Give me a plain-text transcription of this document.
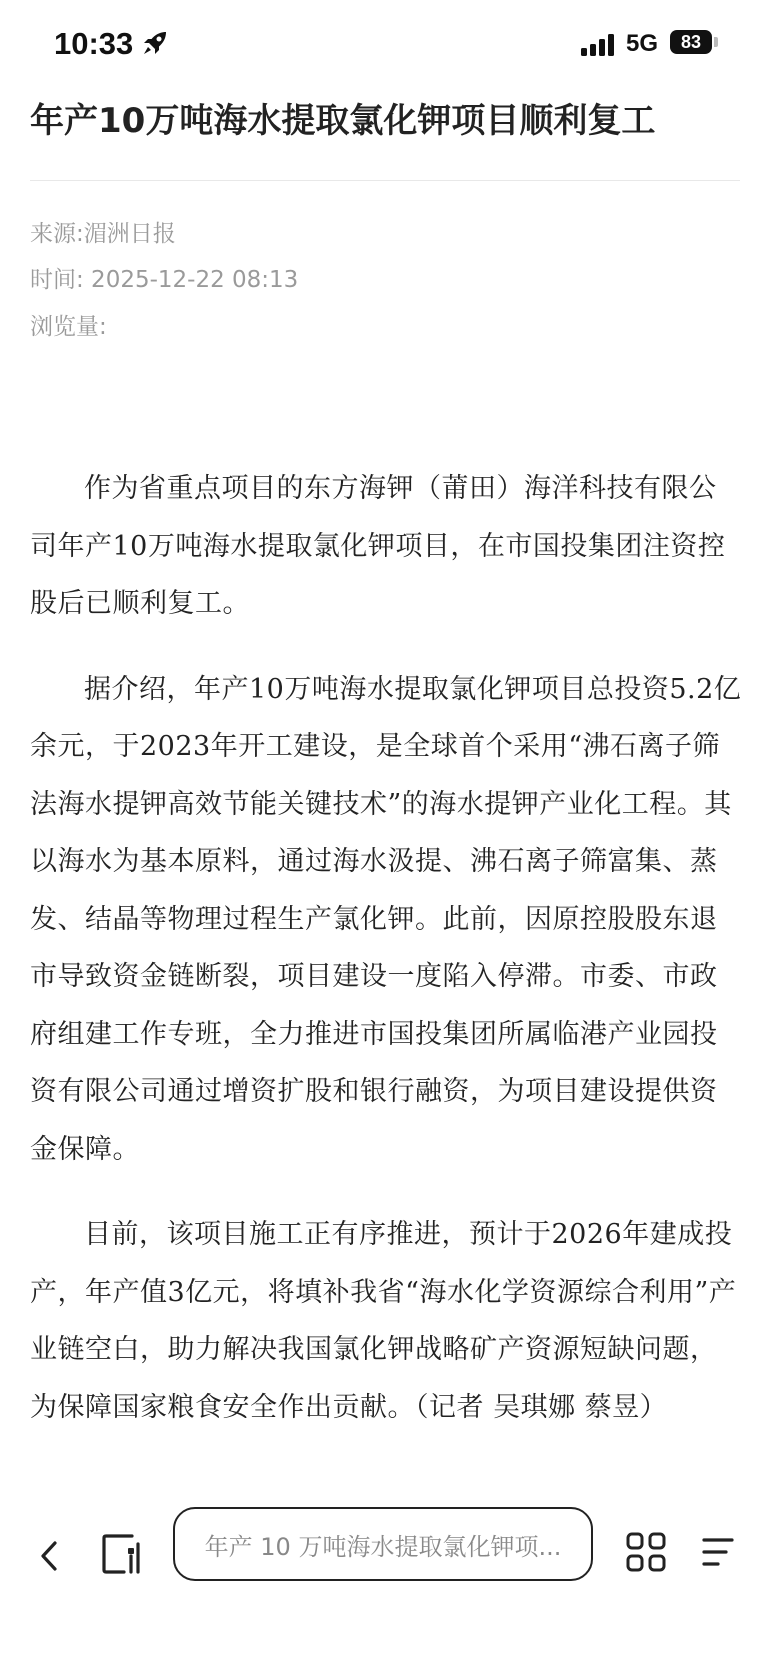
10:33	5G	83
年产10万吨海水提取氯化钾项目顺利复工
来源:湄洲日报
时间: 2025-12-22 08:13
浏览量:

作为省重点项目的东方海钾（莆田）海洋科技有限公司年产10万吨海水提取氯化钾项目，在市国投集团注资控股后已顺利复工。

据介绍，年产10万吨海水提取氯化钾项目总投资5.2亿余元，于2023年开工建设，是全球首个采用“沸石离子筛法海水提钾高效节能关键技术”的海水提钾产业化工程。其以海水为基本原料，通过海水汲提、沸石离子筛富集、蒸发、结晶等物理过程生产氯化钾。此前，因原控股股东退市导致资金链断裂，项目建设一度陷入停滞。市委、市政府组建工作专班，全力推进市国投集团所属临港产业园投资有限公司通过增资扩股和银行融资，为项目建设提供资金保障。

目前，该项目施工正有序推进，预计于2026年建成投产，年产值3亿元，将填补我省“海水化学资源综合利用”产业链空白，助力解决我国氯化钾战略矿产资源短缺问题，为保障国家粮食安全作出贡献。（记者 吴琪娜 蔡昱）

年产 10 万吨海水提取氯化钾项...
